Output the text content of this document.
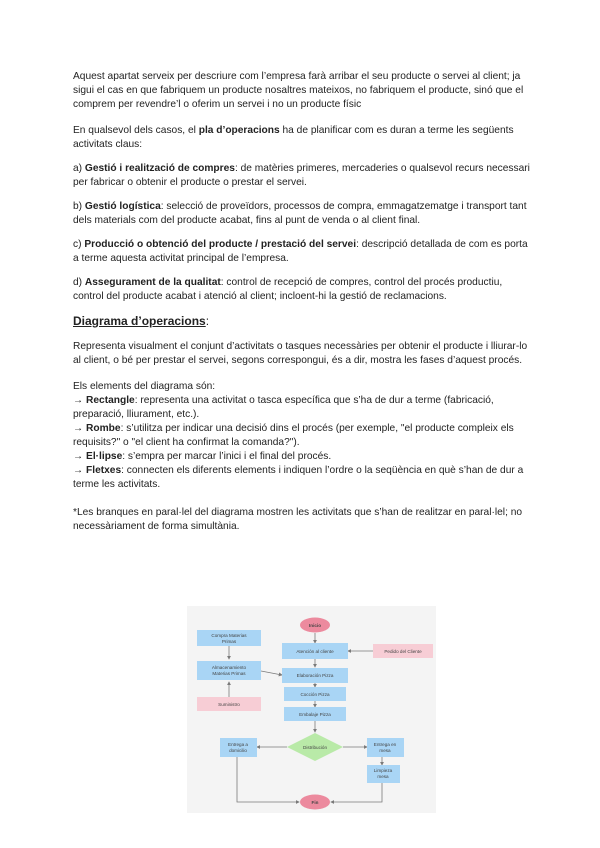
Aquest apartat serveix per descriure com l’empresa farà arribar el seu producte o servei al client; ja sigui el cas en que fabriquem un producte nosaltres mateixos, no fabriquem el producte, sinó que el comprem per revendre’l o oferim un servei i no un producte físic

En qualsevol dels casos, el pla d’operacions ha de planificar com es duran a terme les següents activitats claus:

a) Gestió i realització de compres: de matèries primeres, mercaderies o qualsevol recurs necessari per fabricar o obtenir el producte o prestar el servei.

b) Gestió logística: selecció de proveïdors, processos de compra, emmagatzematge i transport tant dels materials com del producte acabat, fins al punt de venda o al client final.

c) Producció o obtenció del producte / prestació del servei: descripció detallada de com es porta a terme aquesta activitat principal de l’empresa.

d) Assegurament de la qualitat: control de recepció de compres, control del procés productiu, control del producte acabat i atenció al client; incloent-hi la gestió de reclamacions.

Diagrama d’operacions:

Representa visualment el conjunt d’activitats o tasques necessàries per obtenir el producte i lliurar-lo al client, o bé per prestar el servei, segons correspongui, és a dir, mostra les fases d’aquest procés.

Els elements del diagrama són:

→ Rectangle: representa una activitat o tasca específica que s’ha de dur a terme (fabricació, preparació, lliurament, etc.).

→ Rombe: s’utilitza per indicar una decisió dins el procés (per exemple, "el producte compleix els requisits?" o "el client ha confirmat la comanda?").

→ El·lipse: s’empra per marcar l’inici i el final del procés.

→ Fletxes: connecten els diferents elements i indiquen l’ordre o la seqüència en què s’han de dur a terme les activitats.

*Les branques en paral·lel del diagrama mostren les activitats que s’han de realitzar en paral·lel; no necessàriament de forma simultània.

Inicio
Atención al cliente	Pedido del Cliente
Compra Materias
Primas
Almacenamiento
Materias Primas
Suministro
Elaboración Pizza
Cocción Pizza
Embalaje Pizza
Distribución
Entrega a
domicilio
Entrega en
mesa
Limpieza
mesa
Fin
